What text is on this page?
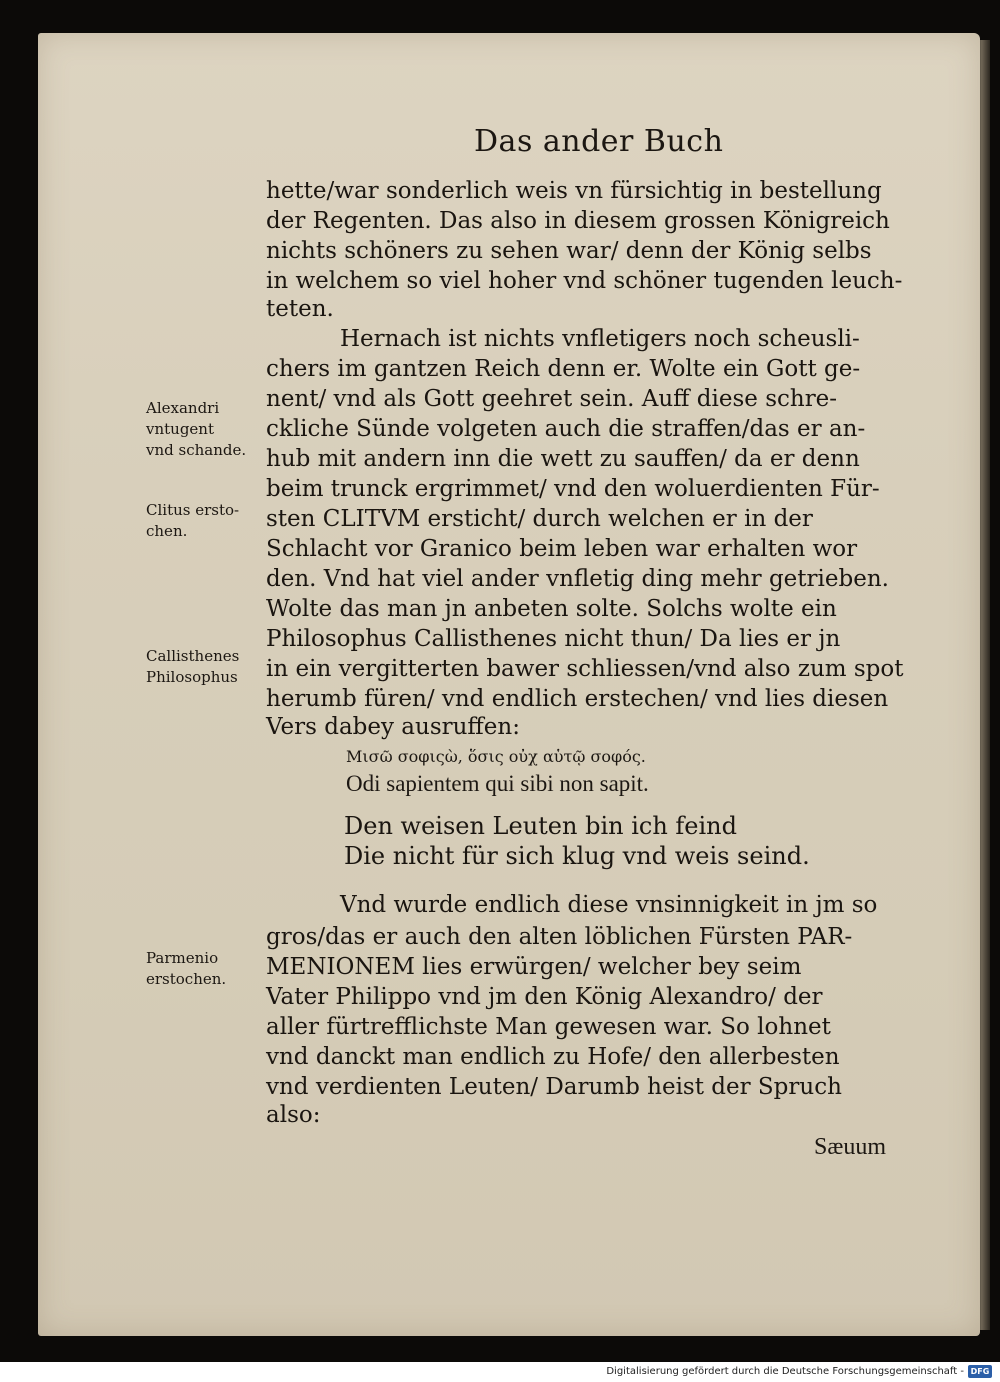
Das ander Buch
hette/war sonderlich weis vn fürsichtig in bestellung
der Regenten. Das also in diesem grossen Königreich
nichts schöners zu sehen war/ denn der König selbs
in welchem so viel hoher vnd schöner tugenden leuch-
teten.
Hernach ist nichts vnfletigers noch scheusli-
chers im gantzen Reich denn er. Wolte ein Gott ge-
nent/ vnd als Gott geehret sein. Auff diese schre-
ckliche Sünde volgeten auch die straffen/das er an-
hub mit andern inn die wett zu sauffen/ da er denn
beim trunck ergrimmet/ vnd den woluerdienten Für-
sten CLITVM ersticht/ durch welchen er in der
Schlacht vor Granico beim leben war erhalten wor
den. Vnd hat viel ander vnfletig ding mehr getrieben.
Wolte das man jn anbeten solte. Solchs wolte ein
Philosophus Callisthenes nicht thun/ Da lies er jn
in ein vergitterten bawer schliessen/vnd also zum spot
herumb füren/ vnd endlich erstechen/ vnd lies diesen
Vers dabey ausruffen:
Μισῶ σοφιςὼ, ὅσις οὐχ αὑτῷ σοφός.
Odi sapientem qui sibi non sapit.
Den weisen Leuten bin ich feind
Die nicht für sich klug vnd weis seind.
Vnd wurde endlich diese vnsinnigkeit in jm so
gros/das er auch den alten löblichen Fürsten PAR-
MENIONEM lies erwürgen/ welcher bey seim
Vater Philippo vnd jm den König Alexandro/ der
aller fürtrefflichste Man gewesen war. So lohnet
vnd danckt man endlich zu Hofe/ den allerbesten
vnd verdienten Leuten/ Darumb heist der Spruch
also:
Sæuum
Alexandri
vntugent
vnd schande.
Clitus ersto-
chen.
Callisthenes
Philosophus
Parmenio
erstochen.
Digitalisierung gefördert durch die Deutsche Forschungsgemeinschaft - DFG
